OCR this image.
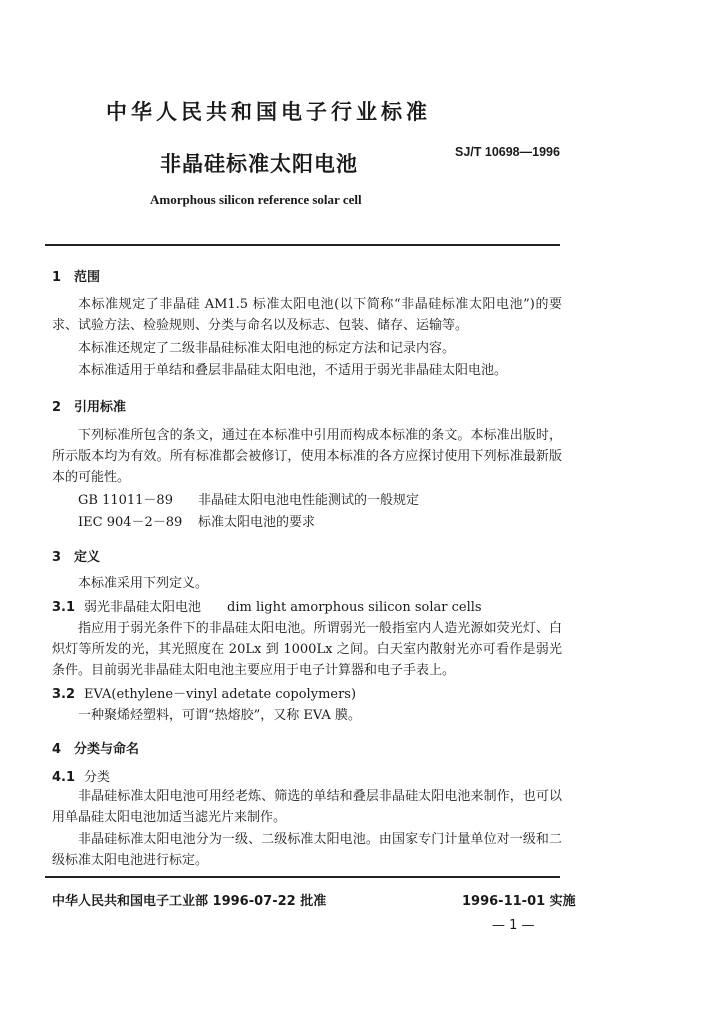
中华人民共和国电子行业标准
SJ/T 10698—1996
非晶硅标准太阳电池
Amorphous silicon reference solar cell
1 范围
本标准规定了非晶硅 AM1.5 标准太阳电池(以下简称“非晶硅标准太阳电池”)的要求、试验方法、检验规则、分类与命名以及标志、包装、储存、运输等。
本标准还规定了二级非晶硅标准太阳电池的标定方法和记录内容。
本标准适用于单结和叠层非晶硅太阳电池，不适用于弱光非晶硅太阳电池。
2 引用标准
下列标准所包含的条文，通过在本标准中引用而构成本标准的条文。本标准出版时，所示版本均为有效。所有标准都会被修订，使用本标准的各方应探讨使用下列标准最新版本的可能性。
GB 11011－89 非晶硅太阳电池电性能测试的一般规定
IEC 904－2－89 标准太阳电池的要求
3 定义
本标准采用下列定义。
3.1 弱光非晶硅太阳电池　　dim light amorphous silicon solar cells
指应用于弱光条件下的非晶硅太阳电池。所谓弱光一般指室内人造光源如荧光灯、白炽灯等所发的光，其光照度在 20Lx 到 1000Lx 之间。白天室内散射光亦可看作是弱光条件。目前弱光非晶硅太阳电池主要应用于电子计算器和电子手表上。
3.2 EVA(ethylene－vinyl adetate copolymers)
一种聚烯烃塑料，可谓“热熔胶”，又称 EVA 膜。
4 分类与命名
4.1 分类
非晶硅标准太阳电池可用经老炼、筛选的单结和叠层非晶硅太阳电池来制作，也可以用单晶硅太阳电池加适当滤光片来制作。
非晶硅标准太阳电池分为一级、二级标准太阳电池。由国家专门计量单位对一级和二级标准太阳电池进行标定。
中华人民共和国电子工业部 1996-07-22 批准	1996-11-01 实施
— 1 —
